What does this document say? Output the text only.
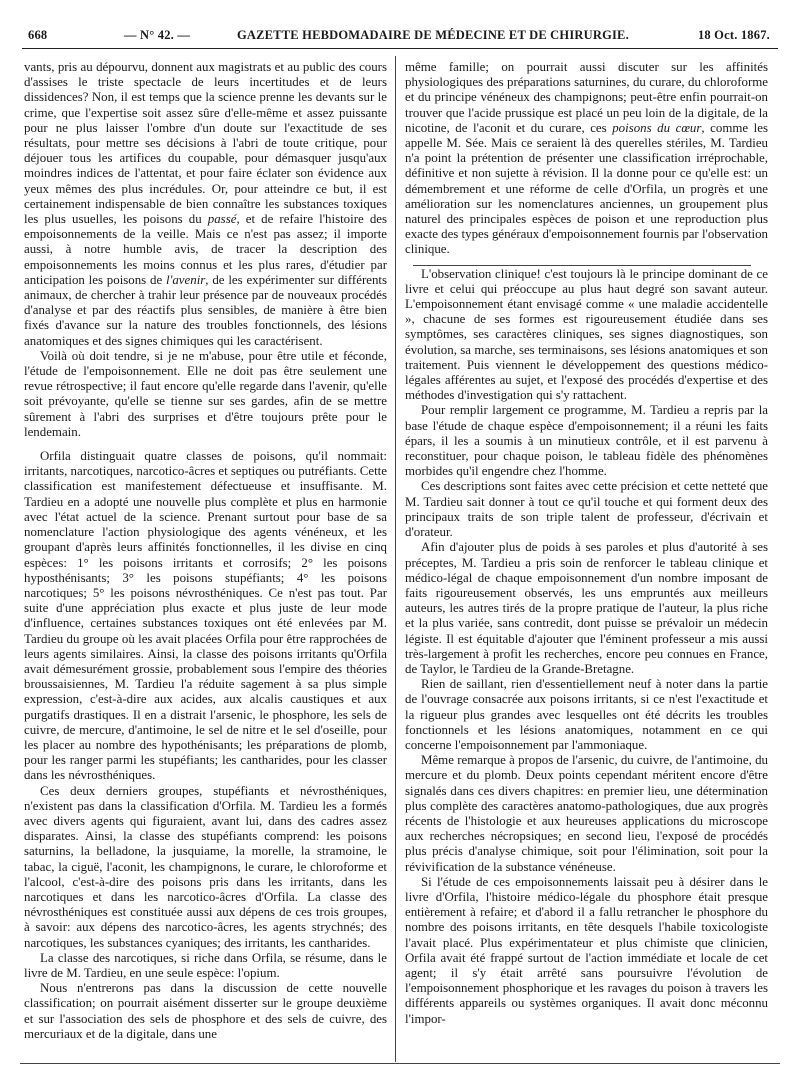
668	— N° 42. —	GAZETTE HEBDOMADAIRE DE MÉDECINE ET DE CHIRURGIE.	18 Oct. 1867.

vants, pris au dépourvu, donnent aux magistrats et au public des cours d'assises le triste spectacle de leurs incertitudes et de leurs dissidences? Non, il est temps que la science prenne les devants sur le crime, que l'expertise soit assez sûre d'elle-même et assez puissante pour ne plus laisser l'ombre d'un doute sur l'exactitude de ses résultats, pour mettre ses décisions à l'abri de toute critique, pour déjouer tous les artifices du coupable, pour démasquer jusqu'aux moindres indices de l'attentat, et pour faire éclater son évidence aux yeux mêmes des plus incrédules. Or, pour atteindre ce but, il est certainement indispensable de bien connaître les substances toxiques les plus usuelles, les poisons du passé, et de refaire l'histoire des empoisonnements de la veille. Mais ce n'est pas assez; il importe aussi, à notre humble avis, de tracer la description des empoisonnements les moins connus et les plus rares, d'étudier par anticipation les poisons de l'avenir, de les expérimenter sur différents animaux, de chercher à trahir leur présence par de nouveaux procédés d'analyse et par des réactifs plus sensibles, de manière à être bien fixés d'avance sur la nature des troubles fonctionnels, des lésions anatomiques et des signes chimiques qui les caractérisent.

Voilà où doit tendre, si je ne m'abuse, pour être utile et féconde, l'étude de l'empoisonnement. Elle ne doit pas être seulement une revue rétrospective; il faut encore qu'elle regarde dans l'avenir, qu'elle soit prévoyante, qu'elle se tienne sur ses gardes, afin de se mettre sûrement à l'abri des surprises et d'être toujours prête pour le lendemain.

Orfila distinguait quatre classes de poisons, qu'il nommait: irritants, narcotiques, narcotico-âcres et septiques ou putréfiants. Cette classification est manifestement défectueuse et insuffisante. M. Tardieu en a adopté une nouvelle plus complète et plus en harmonie avec l'état actuel de la science. Prenant surtout pour base de sa nomenclature l'action physiologique des agents vénéneux, et les groupant d'après leurs affinités fonctionnelles, il les divise en cinq espèces: 1° les poisons irritants et corrosifs; 2° les poisons hyposthénisants; 3° les poisons stupéfiants; 4° les poisons narcotiques; 5° les poisons névrosthéniques. Ce n'est pas tout. Par suite d'une appréciation plus exacte et plus juste de leur mode d'influence, certaines substances toxiques ont été enlevées par M. Tardieu du groupe où les avait placées Orfila pour être rapprochées de leurs agents similaires. Ainsi, la classe des poisons irritants qu'Orfila avait démesurément grossie, probablement sous l'empire des théories broussaisiennes, M. Tardieu l'a réduite sagement à sa plus simple expression, c'est-à-dire aux acides, aux alcalis caustiques et aux purgatifs drastiques. Il en a distrait l'arsenic, le phosphore, les sels de cuivre, de mercure, d'antimoine, le sel de nitre et le sel d'oseille, pour les placer au nombre des hypothénisants; les préparations de plomb, pour les ranger parmi les stupéfiants; les cantharides, pour les classer dans les névrosthéniques.

Ces deux derniers groupes, stupéfiants et névrosthéniques, n'existent pas dans la classification d'Orfila. M. Tardieu les a formés avec divers agents qui figuraient, avant lui, dans des cadres assez disparates. Ainsi, la classe des stupéfiants comprend: les poisons saturnins, la belladone, la jusquiame, la morelle, la stramoine, le tabac, la ciguë, l'aconit, les champignons, le curare, le chloroforme et l'alcool, c'est-à-dire des poisons pris dans les irritants, dans les narcotiques et dans les narcotico-âcres d'Orfila. La classe des névrosthéniques est constituée aussi aux dépens de ces trois groupes, à savoir: aux dépens des narcotico-âcres, les agents strychnés; des narcotiques, les substances cyaniques; des irritants, les cantharides.

La classe des narcotiques, si riche dans Orfila, se résume, dans le livre de M. Tardieu, en une seule espèce: l'opium.

Nous n'entrerons pas dans la discussion de cette nouvelle classification; on pourrait aisément disserter sur le groupe deuxième et sur l'association des sels de phosphore et des sels de cuivre, des mercuriaux et de la digitale, dans une

même famille; on pourrait aussi discuter sur les affinités physiologiques des préparations saturnines, du curare, du chloroforme et du principe vénéneux des champignons; peut-être enfin pourrait-on trouver que l'acide prussique est placé un peu loin de la digitale, de la nicotine, de l'aconit et du curare, ces poisons du cœur, comme les appelle M. Sée. Mais ce seraient là des querelles stériles, M. Tardieu n'a point la prétention de présenter une classification irréprochable, définitive et non sujette à révision. Il la donne pour ce qu'elle est: un démembrement et une réforme de celle d'Orfila, un progrès et une amélioration sur les nomenclatures anciennes, un groupement plus naturel des principales espèces de poison et une reproduction plus exacte des types généraux d'empoisonnement fournis par l'observation clinique.

L'observation clinique! c'est toujours là le principe dominant de ce livre et celui qui préoccupe au plus haut degré son savant auteur. L'empoisonnement étant envisagé comme « une maladie accidentelle », chacune de ses formes est rigoureusement étudiée dans ses symptômes, ses caractères cliniques, ses signes diagnostiques, son évolution, sa marche, ses terminaisons, ses lésions anatomiques et son traitement. Puis viennent le développement des questions médico-légales afférentes au sujet, et l'exposé des procédés d'expertise et des méthodes d'investigation qui s'y rattachent.

Pour remplir largement ce programme, M. Tardieu a repris par la base l'étude de chaque espèce d'empoisonnement; il a réuni les faits épars, il les a soumis à un minutieux contrôle, et il est parvenu à reconstituer, pour chaque poison, le tableau fidèle des phénomènes morbides qu'il engendre chez l'homme.

Ces descriptions sont faites avec cette précision et cette netteté que M. Tardieu sait donner à tout ce qu'il touche et qui forment deux des principaux traits de son triple talent de professeur, d'écrivain et d'orateur.

Afin d'ajouter plus de poids à ses paroles et plus d'autorité à ses préceptes, M. Tardieu a pris soin de renforcer le tableau clinique et médico-légal de chaque empoisonnement d'un nombre imposant de faits rigoureusement observés, les uns empruntés aux meilleurs auteurs, les autres tirés de la propre pratique de l'auteur, la plus riche et la plus variée, sans contredit, dont puisse se prévaloir un médecin légiste. Il est équitable d'ajouter que l'éminent professeur a mis aussi très-largement à profit les recherches, encore peu connues en France, de Taylor, le Tardieu de la Grande-Bretagne.

Rien de saillant, rien d'essentiellement neuf à noter dans la partie de l'ouvrage consacrée aux poisons irritants, si ce n'est l'exactitude et la rigueur plus grandes avec lesquelles ont été décrits les troubles fonctionnels et les lésions anatomiques, notamment en ce qui concerne l'empoisonnement par l'ammoniaque.

Même remarque à propos de l'arsenic, du cuivre, de l'antimoine, du mercure et du plomb. Deux points cependant méritent encore d'être signalés dans ces divers chapitres: en premier lieu, une détermination plus complète des caractères anatomo-pathologiques, due aux progrès récents de l'histologie et aux heureuses applications du microscope aux recherches nécropsiques; en second lieu, l'exposé de procédés plus précis d'analyse chimique, soit pour l'élimination, soit pour la révivification de la substance vénéneuse.

Si l'étude de ces empoisonnements laissait peu à désirer dans le livre d'Orfila, l'histoire médico-légale du phosphore était presque entièrement à refaire; et d'abord il a fallu retrancher le phosphore du nombre des poisons irritants, en tête desquels l'habile toxicologiste l'avait placé. Plus expérimentateur et plus chimiste que clinicien, Orfila avait été frappé surtout de l'action immédiate et locale de cet agent; il s'y était arrêté sans poursuivre l'évolution de l'empoisonnement phosphorique et les ravages du poison à travers les différents appareils ou systèmes organiques. Il avait donc méconnu l'impor-
